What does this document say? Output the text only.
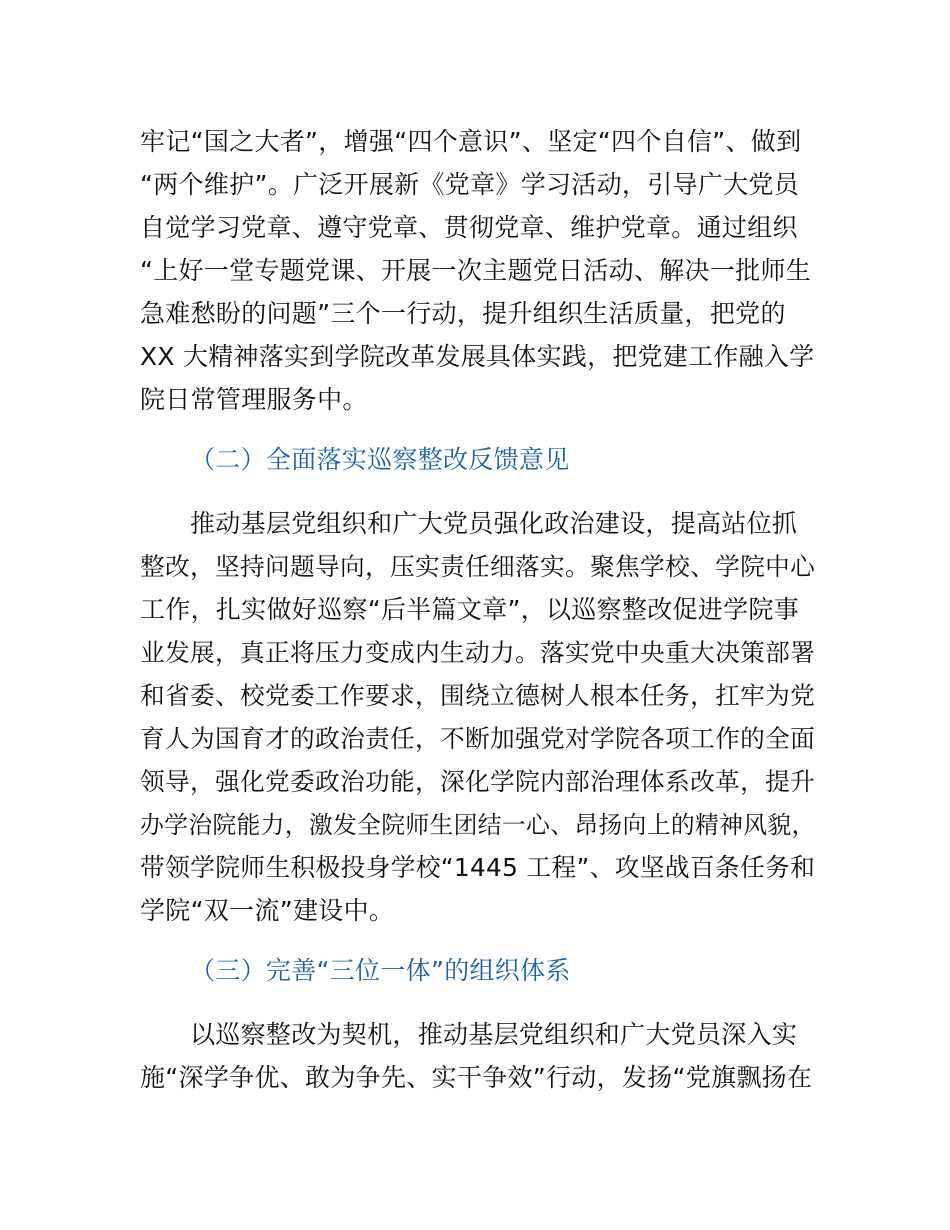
牢记“国之大者”，增强“四个意识”、坚定“四个自信”、做到
“两个维护”。广泛开展新《党章》学习活动，引导广大党员
自觉学习党章、遵守党章、贯彻党章、维护党章。通过组织
“上好一堂专题党课、开展一次主题党日活动、解决一批师生
急难愁盼的问题”三个一行动，提升组织生活质量，把党的
XX 大精神落实到学院改革发展具体实践，把党建工作融入学
院日常管理服务中。
（二）全面落实巡察整改反馈意见
推动基层党组织和广大党员强化政治建设，提高站位抓
整改，坚持问题导向，压实责任细落实。聚焦学校、学院中心
工作，扎实做好巡察“后半篇文章”，以巡察整改促进学院事
业发展，真正将压力变成内生动力。落实党中央重大决策部署
和省委、校党委工作要求，围绕立德树人根本任务，扛牢为党
育人为国育才的政治责任，不断加强党对学院各项工作的全面
领导，强化党委政治功能，深化学院内部治理体系改革，提升
办学治院能力，激发全院师生团结一心、昂扬向上的精神风貌，
带领学院师生积极投身学校“1445 工程”、攻坚战百条任务和
学院“双一流”建设中。
（三）完善“三位一体”的组织体系
以巡察整改为契机，推动基层党组织和广大党员深入实
施“深学争优、敢为争先、实干争效”行动，发扬“党旗飘扬在
